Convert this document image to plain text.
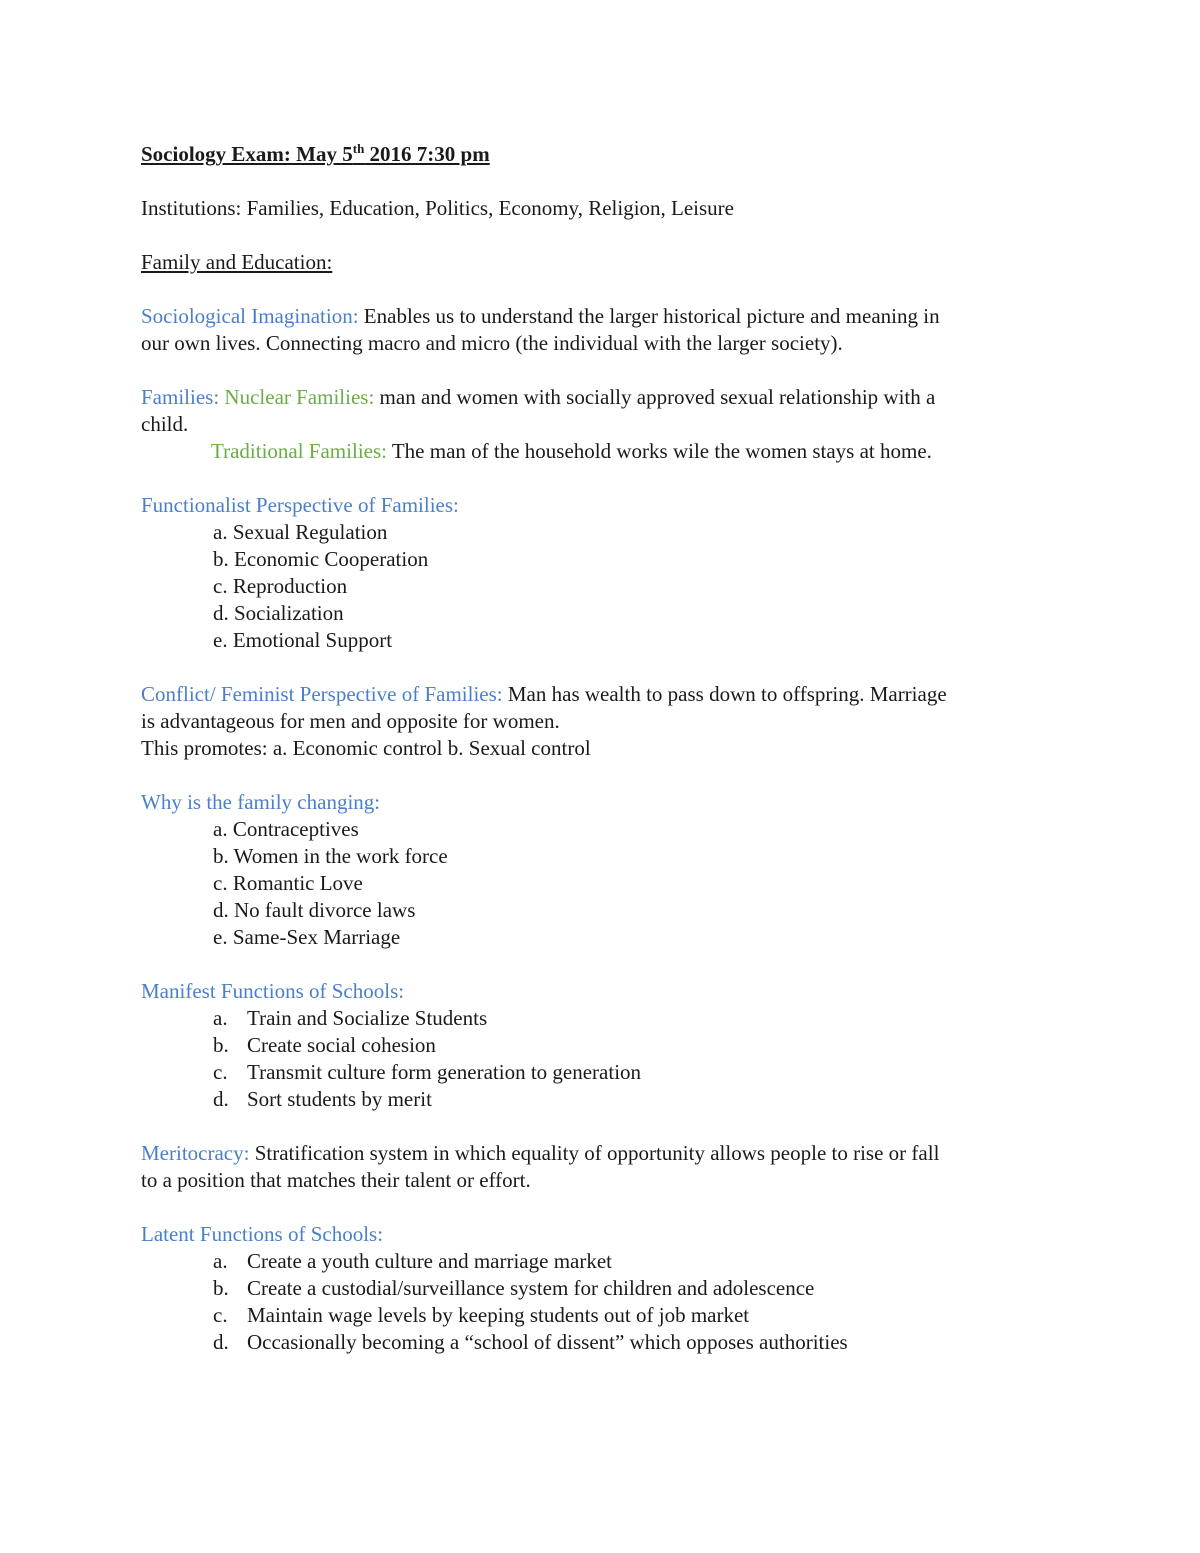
Sociology Exam: May 5th 2016 7:30 pm
Institutions: Families, Education, Politics, Economy, Religion, Leisure
Family and Education:
Sociological Imagination: Enables us to understand the larger historical picture and meaning in
our own lives. Connecting macro and micro (the individual with the larger society).
Families: Nuclear Families: man and women with socially approved sexual relationship with a
child.
Traditional Families: The man of the household works wile the women stays at home.
Functionalist Perspective of Families:
a. Sexual Regulation
b. Economic Cooperation
c. Reproduction
d. Socialization
e. Emotional Support
Conflict/ Feminist Perspective of Families: Man has wealth to pass down to offspring. Marriage
is advantageous for men and opposite for women.
This promotes: a. Economic control b. Sexual control
Why is the family changing:
a. Contraceptives
b. Women in the work force
c. Romantic Love
d. No fault divorce laws
e. Same-Sex Marriage
Manifest Functions of Schools:
a. Train and Socialize Students
b. Create social cohesion
c. Transmit culture form generation to generation
d. Sort students by merit
Meritocracy: Stratification system in which equality of opportunity allows people to rise or fall
to a position that matches their talent or effort.
Latent Functions of Schools:
a. Create a youth culture and marriage market
b. Create a custodial/surveillance system for children and adolescence
c. Maintain wage levels by keeping students out of job market
d. Occasionally becoming a “school of dissent” which opposes authorities
